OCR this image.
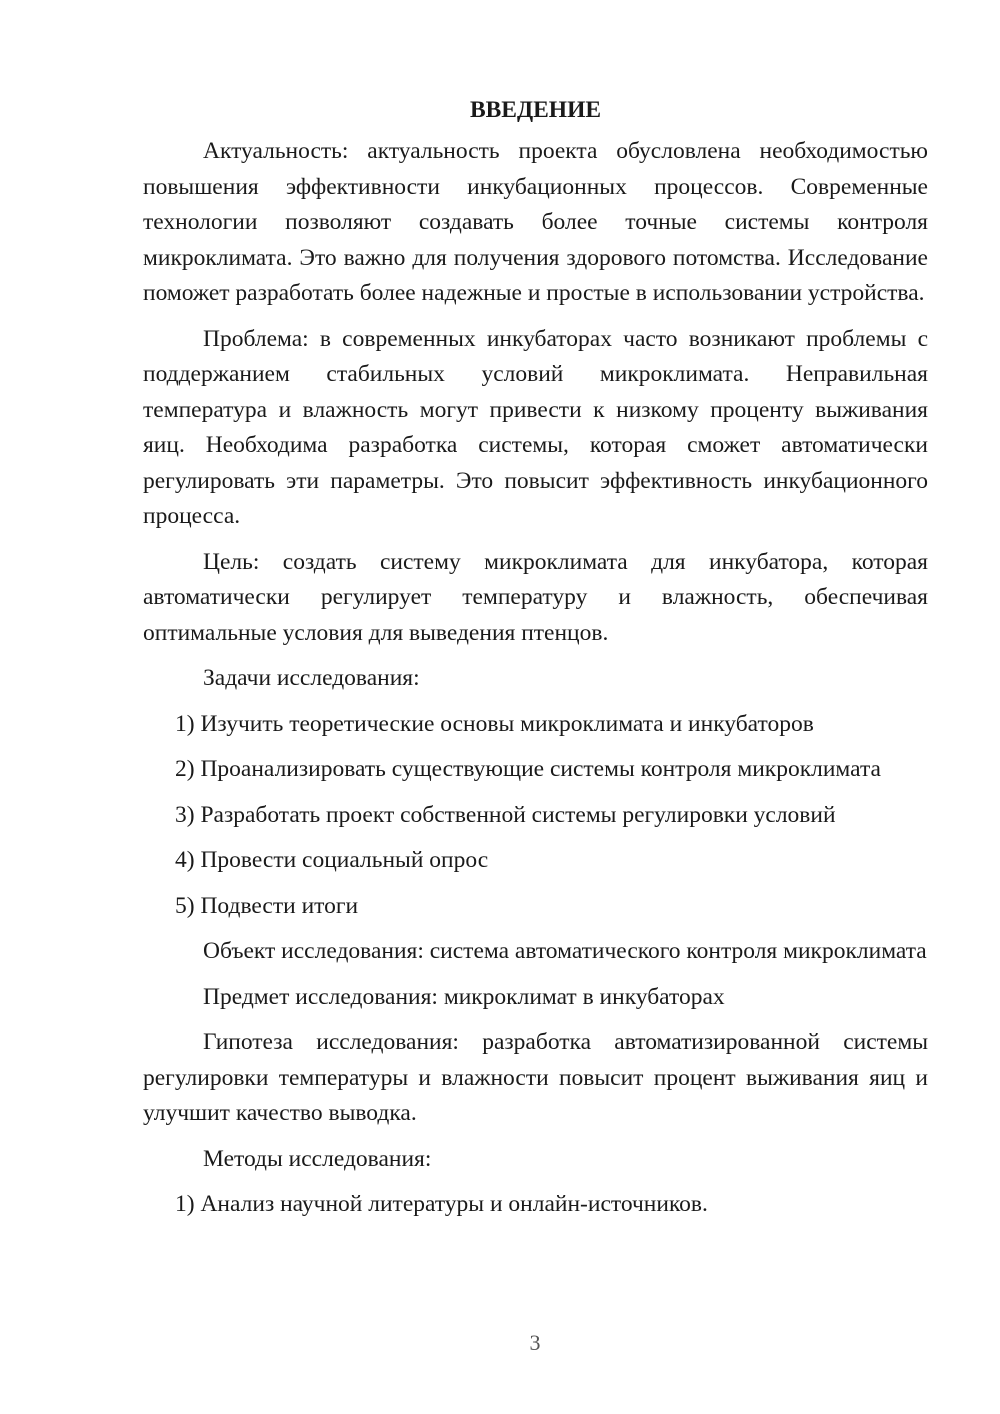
ВВЕДЕНИЕ

Актуальность: актуальность проекта обусловлена необходимостью повышения эффективности инкубационных процессов. Современные технологии позволяют создавать более точные системы контроля микроклимата. Это важно для получения здорового потомства. Исследование поможет разработать более надежные и простые в использовании устройства.

Проблема: в современных инкубаторах часто возникают проблемы с поддержанием стабильных условий микроклимата. Неправильная температура и влажность могут привести к низкому проценту выживания яиц. Необходима разработка системы, которая сможет автоматически регулировать эти параметры. Это повысит эффективность инкубационного процесса.

Цель: создать систему микроклимата для инкубатора, которая автоматически регулирует температуру и влажность, обеспечивая оптимальные условия для выведения птенцов.

Задачи исследования:

1) Изучить теоретические основы микроклимата и инкубаторов

2) Проанализировать существующие системы контроля микроклимата

3) Разработать проект собственной системы регулировки условий

4) Провести социальный опрос

5) Подвести итоги

Объект исследования: система автоматического контроля микроклимата

Предмет исследования: микроклимат в инкубаторах

Гипотеза исследования: разработка автоматизированной системы регулировки температуры и влажности повысит процент выживания яиц и улучшит качество выводка.

Методы исследования:

1) Анализ научной литературы и онлайн-источников.

3
